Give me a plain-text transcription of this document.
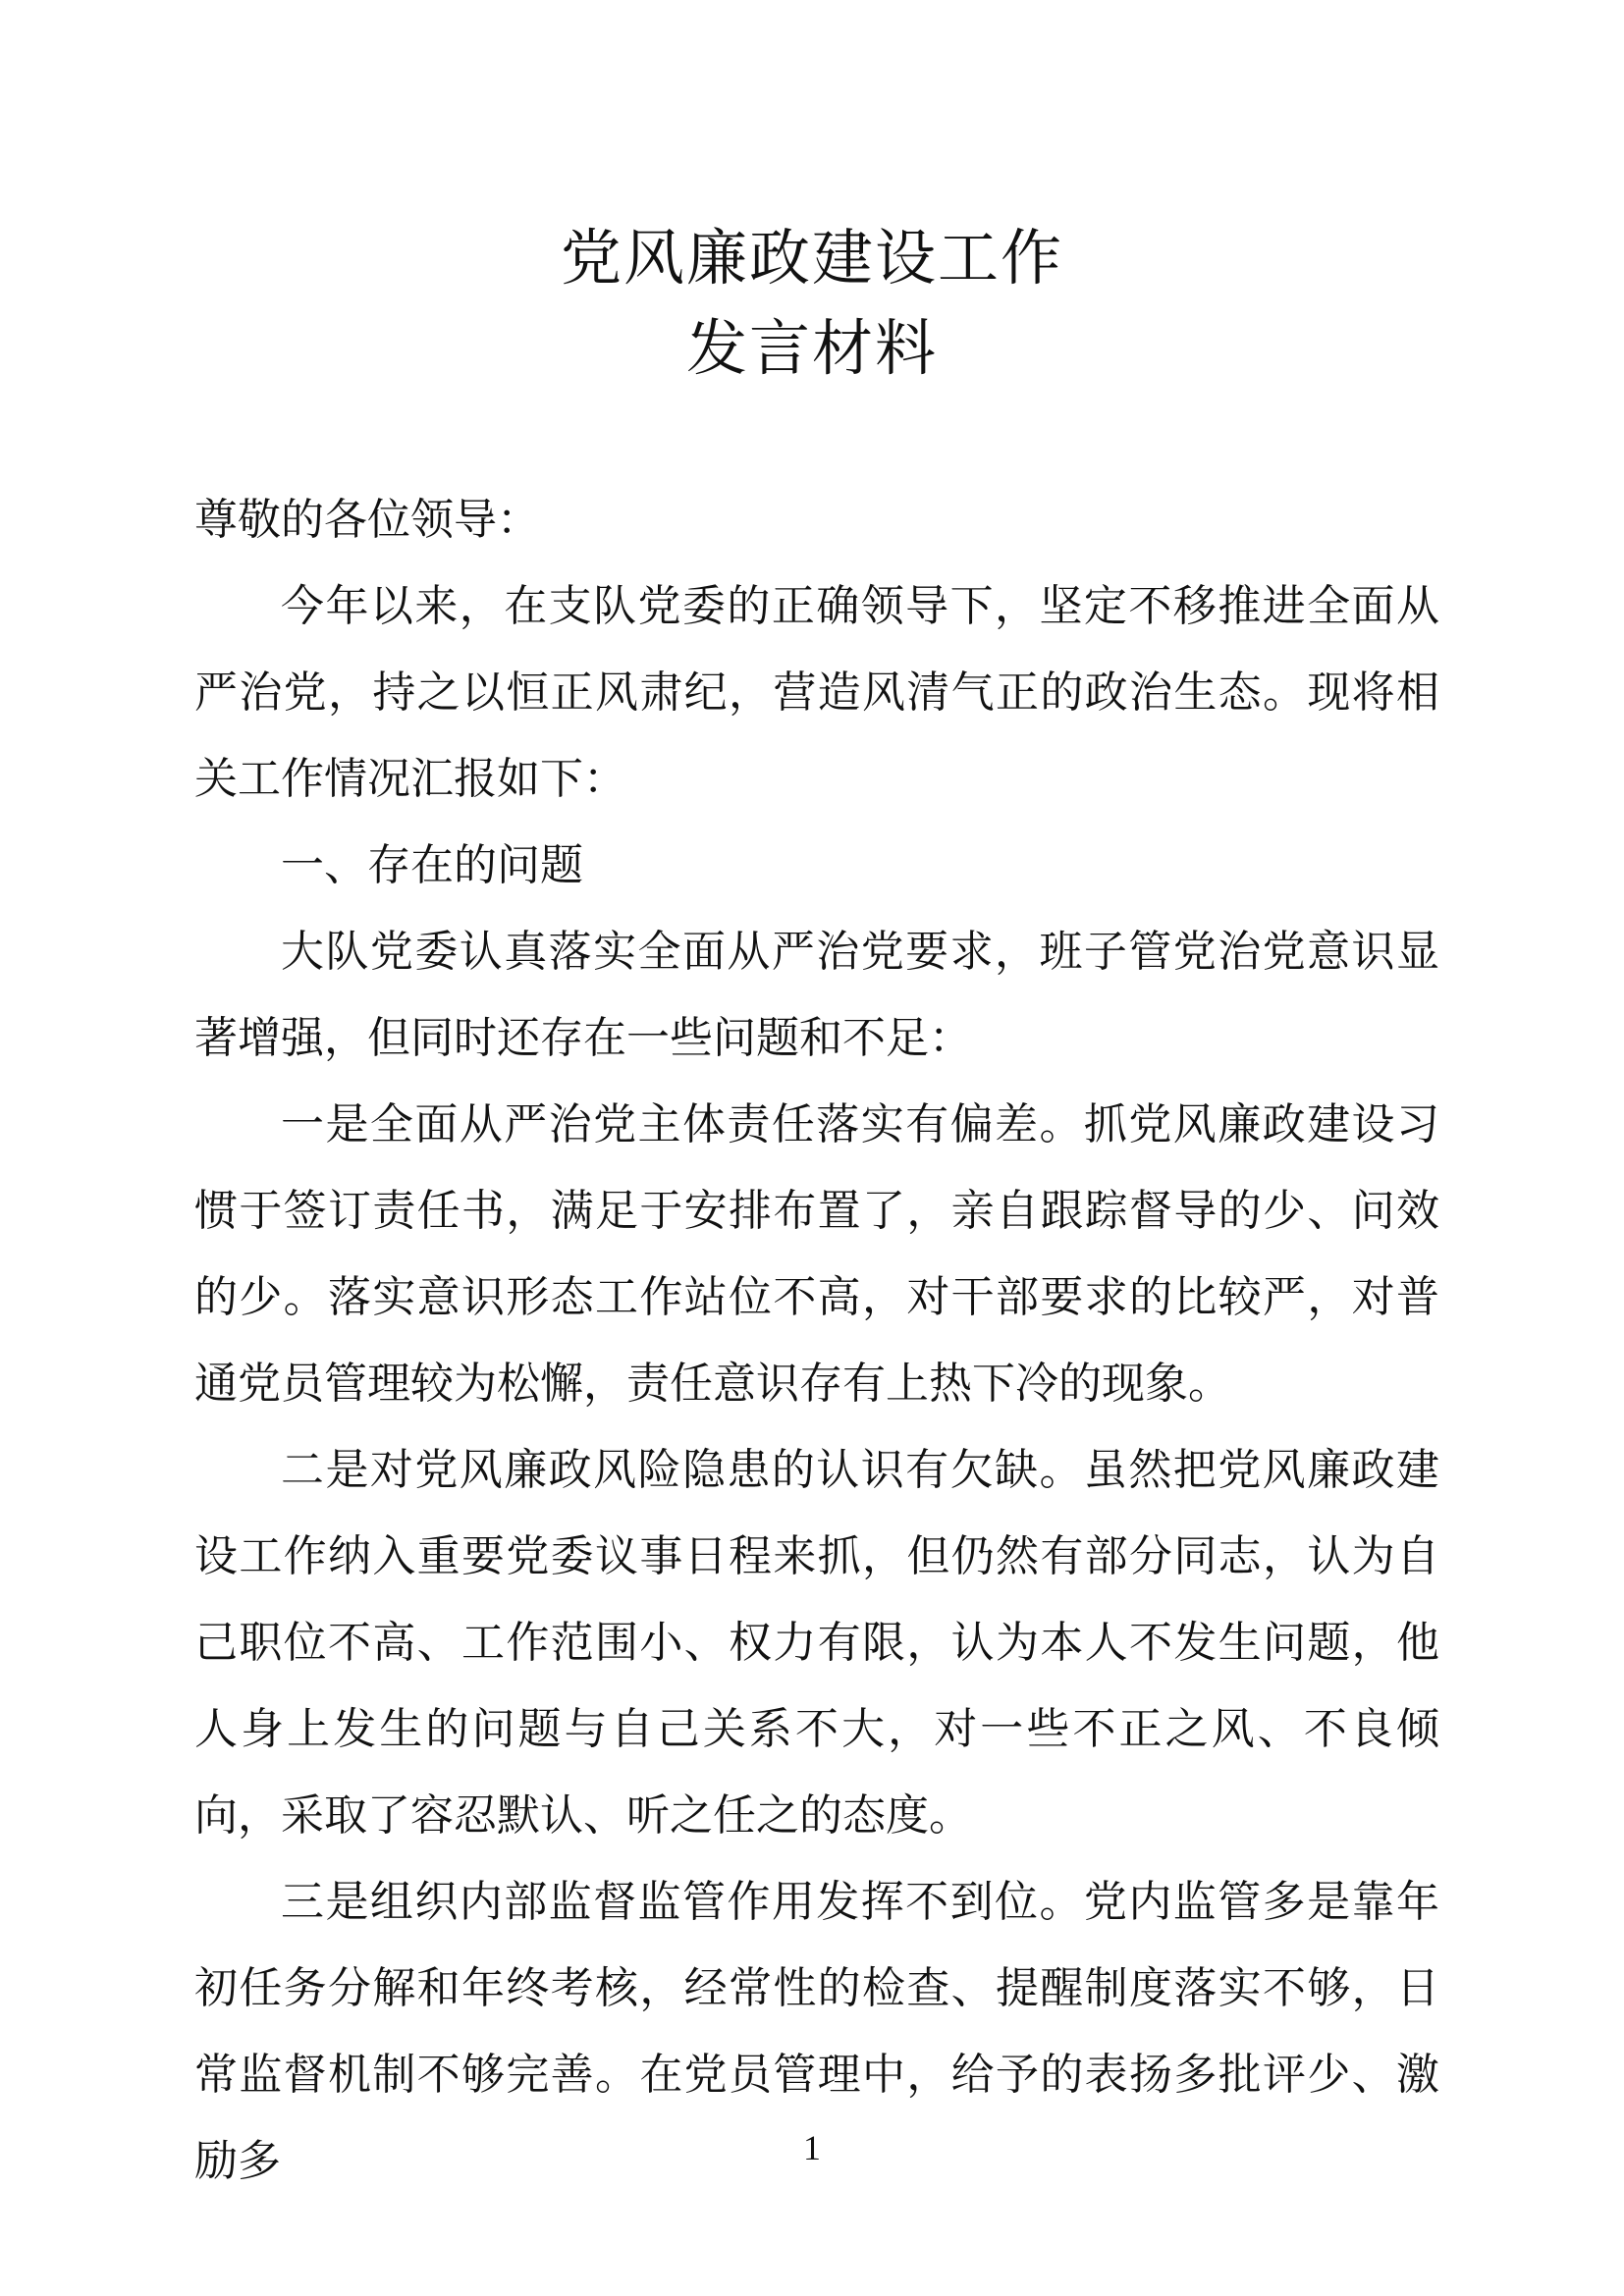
党风廉政建设工作
发言材料

尊敬的各位领导：

今年以来，在支队党委的正确领导下，坚定不移推进全面从严治党，持之以恒正风肃纪，营造风清气正的政治生态。现将相关工作情况汇报如下：

一、存在的问题

大队党委认真落实全面从严治党要求，班子管党治党意识显著增强，但同时还存在一些问题和不足：

一是全面从严治党主体责任落实有偏差。抓党风廉政建设习惯于签订责任书，满足于安排布置了，亲自跟踪督导的少、问效的少。落实意识形态工作站位不高，对干部要求的比较严，对普通党员管理较为松懈，责任意识存有上热下冷的现象。

二是对党风廉政风险隐患的认识有欠缺。虽然把党风廉政建设工作纳入重要党委议事日程来抓，但仍然有部分同志，认为自己职位不高、工作范围小、权力有限，认为本人不发生问题，他人身上发生的问题与自己关系不大，对一些不正之风、不良倾向，采取了容忍默认、听之任之的态度。

三是组织内部监督监管作用发挥不到位。党内监管多是靠年初任务分解和年终考核，经常性的检查、提醒制度落实不够，日常监督机制不够完善。在党员管理中，给予的表扬多批评少、激励多	1
